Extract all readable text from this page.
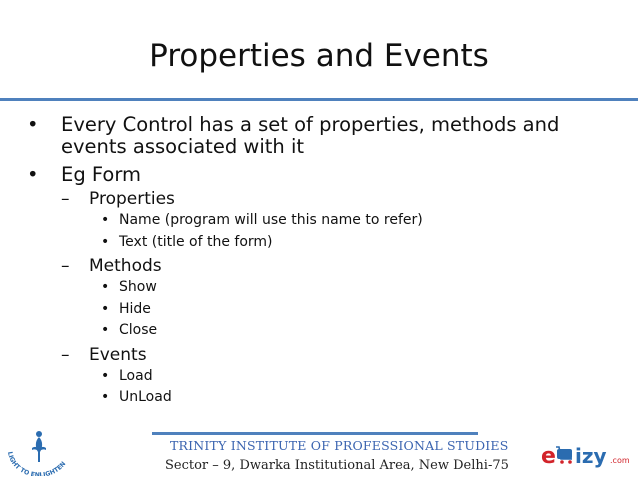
Properties and Events
• Every Control has a set of properties, methods and events associated with it
• Eg Form
– Properties
• Name (program will use this name to refer)
• Text (title of the form)
– Methods
• Show
• Hide
• Close
– Events
• Load
• UnLoad
LIGHT TO ENLIGHTEN
TRINITY INSTITUTE OF PROFESSIONAL STUDIES
Sector – 9, Dwarka Institutional Area, New Delhi-75 e izy .com
